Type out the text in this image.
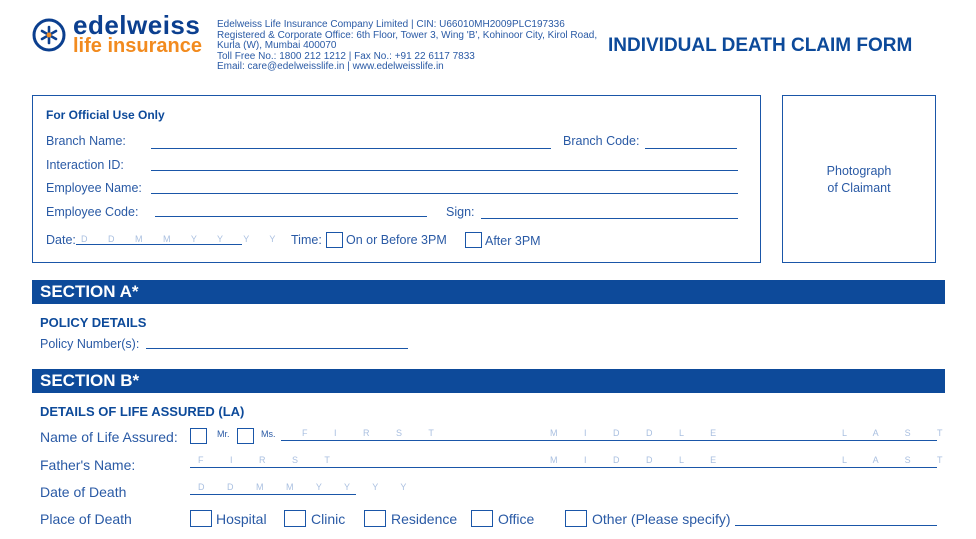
edelweiss
life insurance
Edelweiss Life Insurance Company Limited | CIN: U66010MH2009PLC197336
Registered & Corporate Office: 6th Floor, Tower 3, Wing 'B', Kohinoor City, Kirol Road,
Kurla (W), Mumbai 400070
Toll Free No.: 1800 212 1212 | Fax No.: +91 22 6117 7833
Email: care@edelweisslife.in | www.edelweisslife.in
INDIVIDUAL DEATH CLAIM FORM
For Official Use Only
Branch Name:	Branch Code:
Interaction ID:
Employee Name:
Employee Code:	Sign:
Date: D D M M Y Y Y Y Time: On or Before 3PM	After 3PM
Photograph
of Claimant
SECTION A*
POLICY DETAILS
Policy Number(s):
SECTION B*
DETAILS OF LIFE ASSURED (LA)
Name of Life Assured:	Mr.	Ms.	F I R S T	M I D D L E	L A S T
Father's Name:	F I R S T	M I D D L E	L A S T
Date of Death	D D M M Y Y Y Y
Place of Death	Hospital	Clinic	Residence	Office	Other (Please specify)
